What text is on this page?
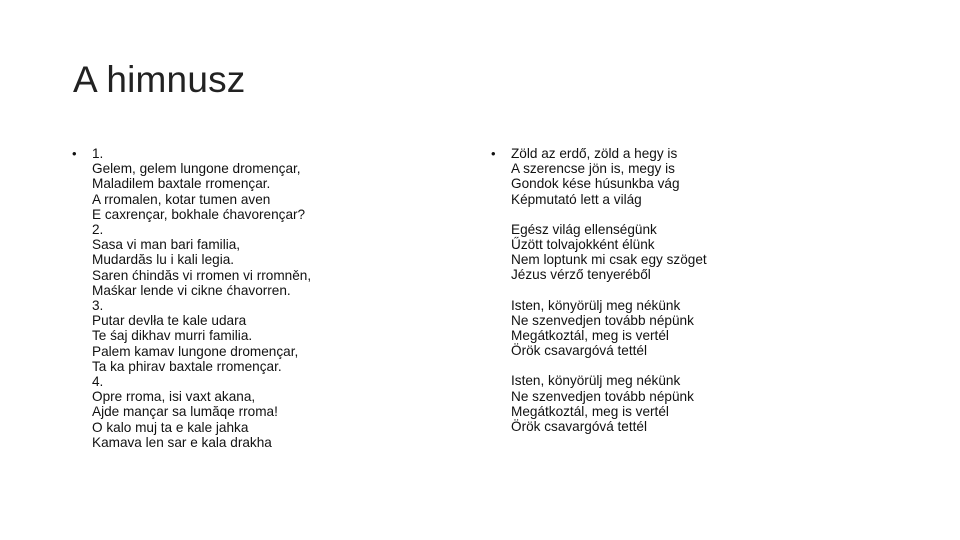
A himnusz
• 1.
Gelem, gelem lungone dromençar,
Maladilem baxtale rromençar.
A rromalen, kotar tumen aven
E caxrençar, bokhale ćhavorençar?
2.
Sasa vi man bari familia,
Mudardăs lu i kali legia.
Saren ćhindăs vi rromen vi rromněn,
Maśkar lende vi cikne ćhavorren.
3.
Putar devlła te kale udara
Te śaj dikhav murri familia.
Palem kamav lungone dromençar,
Ta ka phirav baxtale rromençar.
4.
Opre rroma, isi vaxt akana,
Ajde mançar sa lumăqe rroma!
O kalo muj ta e kale jahka
Kamava len sar e kala drakha
• Zöld az erdő, zöld a hegy is
A szerencse jön is, megy is
Gondok kése húsunkba vág
Képmutató lett a világ
Egész világ ellenségünk
Űzött tolvajokként élünk
Nem loptunk mi csak egy szöget
Jézus vérző tenyeréből
Isten, könyörülj meg nékünk
Ne szenvedjen tovább népünk
Megátkoztál, meg is vertél
Örök csavargóvá tettél
Isten, könyörülj meg nékünk
Ne szenvedjen tovább népünk
Megátkoztál, meg is vertél
Örök csavargóvá tettél
